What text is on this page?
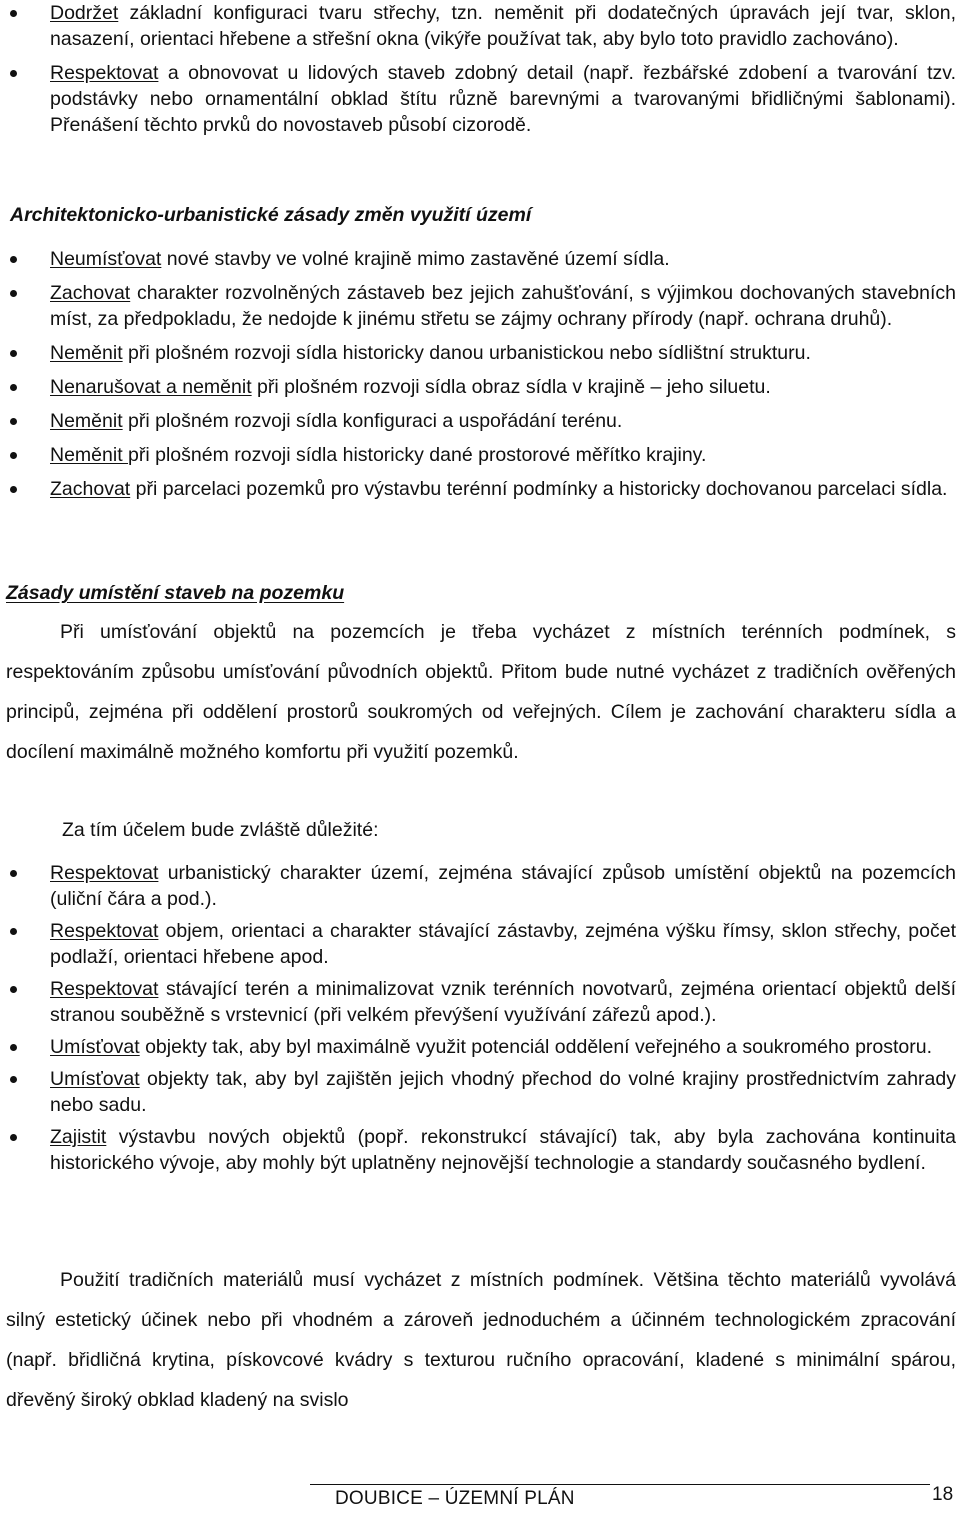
Dodržet základní konfiguraci tvaru střechy, tzn. neměnit při dodatečných úpravách její tvar, sklon, nasazení, orientaci hřebene a střešní okna (vikýře používat tak, aby bylo toto pravidlo zachováno).
Respektovat a obnovovat u lidových staveb zdobný detail (např. řezbářské zdobení a tvarování tzv. podstávky nebo ornamentální obklad štítu různě barevnými a tvarovanými břidličnými šablonami). Přenášení těchto prvků do novostaveb působí cizorodě.
Architektonicko-urbanistické zásady změn využití území
Neumísťovat nové stavby ve volné krajině mimo zastavěné území sídla.
Zachovat charakter rozvolněných zástaveb bez jejich zahušťování, s výjimkou dochovaných stavebních míst, za předpokladu, že nedojde k jinému střetu se zájmy ochrany přírody (např. ochrana druhů).
Neměnit při plošném rozvoji sídla historicky danou urbanistickou nebo sídlištní strukturu.
Nenarušovat a neměnit při plošném rozvoji sídla obraz sídla v krajině – jeho siluetu.
Neměnit při plošném rozvoji sídla konfiguraci a uspořádání terénu.
Neměnit při plošném rozvoji sídla historicky dané prostorové měřítko krajiny.
Zachovat při parcelaci pozemků pro výstavbu terénní podmínky a historicky dochovanou parcelaci sídla.
Zásady umístění staveb na pozemku

Při umísťování objektů na pozemcích je třeba vycházet z místních terénních podmínek, s respektováním způsobu umísťování původních objektů. Přitom bude nutné vycházet z tradičních ověřených principů, zejména při oddělení prostorů soukromých od veřejných. Cílem je zachování charakteru sídla a docílení maximálně možného komfortu při využití pozemků.

Za tím účelem bude zvláště důležité:

Respektovat urbanistický charakter území, zejména stávající způsob umístění objektů na pozemcích (uliční čára a pod.).
Respektovat objem, orientaci a charakter stávající zástavby, zejména výšku římsy, sklon střechy, počet podlaží, orientaci hřebene apod.
Respektovat stávající terén a minimalizovat vznik terénních novotvarů, zejména orientací objektů delší stranou souběžně s vrstevnicí (při velkém převýšení využívání zářezů apod.).
Umísťovat objekty tak, aby byl maximálně využit potenciál oddělení veřejného a soukromého prostoru.
Umísťovat objekty tak, aby byl zajištěn jejich vhodný přechod do volné krajiny prostřednictvím zahrady nebo sadu.
Zajistit výstavbu nových objektů (popř. rekonstrukcí stávající) tak, aby byla zachována kontinuita historického vývoje, aby mohly být uplatněny nejnovější technologie a standardy současného bydlení.

Použití tradičních materiálů musí vycházet z místních podmínek. Většina těchto materiálů vyvolává silný estetický účinek nebo při vhodném a zároveň jednoduchém a účinném technologickém zpracování (např. břidličná krytina, pískovcové kvádry s texturou ručního opracování, kladené s minimální spárou, dřevěný široký obklad kladený na svislo

DOUBICE – ÚZEMNÍ PLÁN	18
